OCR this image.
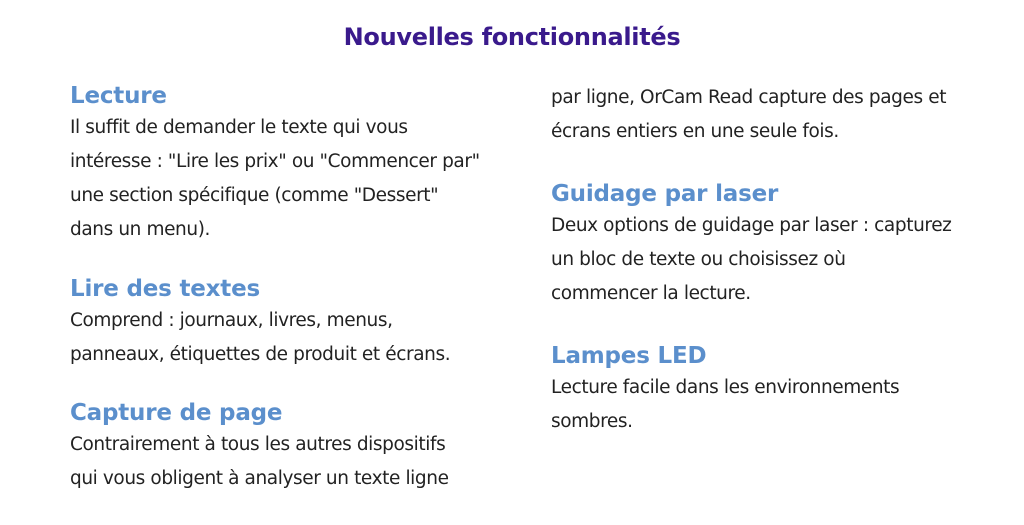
Nouvelles fonctionnalités
Lecture

Il suffit de demander le texte qui vous
intéresse : "Lire les prix" ou "Commencer par"
une section spécifique (comme "Dessert"
dans un menu).

Lire des textes

Comprend : journaux, livres, menus,
panneaux, étiquettes de produit et écrans.

Capture de page

Contrairement à tous les autres dispositifs
qui vous obligent à analyser un texte ligne

par ligne, OrCam Read capture des pages et
écrans entiers en une seule fois.

Guidage par laser

Deux options de guidage par laser : capturez
un bloc de texte ou choisissez où
commencer la lecture.

Lampes LED

Lecture facile dans les environnements
sombres.
